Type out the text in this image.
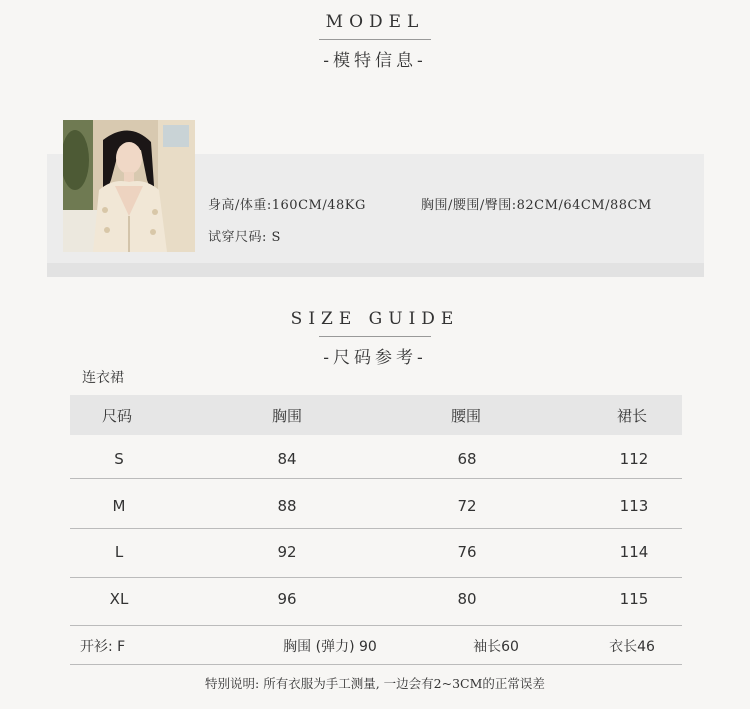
MODEL
-模特信息-
身高/体重:160CM/48KG	胸围/腰围/臀围:82CM/64CM/88CM
试穿尺码: S
SIZE GUIDE
-尺码参考-
连衣裙
尺码	胸围	腰围	裙长
S	84	68	112
M	88	72	113
L	92	76	114
XL	96	80	115
开衫: F	胸围 (弹力) 90	袖长60	衣长46
特别说明: 所有衣服为手工测量, 一边会有2~3CM的正常误差
